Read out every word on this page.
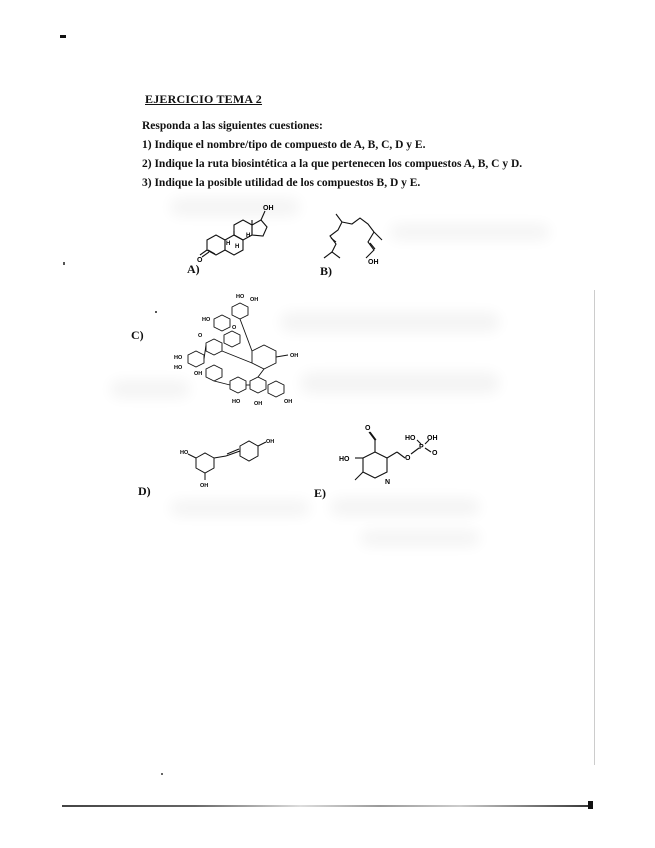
EJERCICIO TEMA 2
Responda a las siguientes cuestiones:
1) Indique el nombre/tipo de compuesto de A, B, C, D y E.
2) Indique la ruta biosintética a la que pertenecen los compuestos A, B, C y D.
3) Indique la posible utilidad de los compuestos B, D y E.
O
OH
H
H
H
A)	OH
B)
HO OH
HO
O
O
HO
HO
OH
OH
HO	OH	OH
C)
HO
OH
OH
D)
O
HO
N
O
P
HO OH
O
E)
